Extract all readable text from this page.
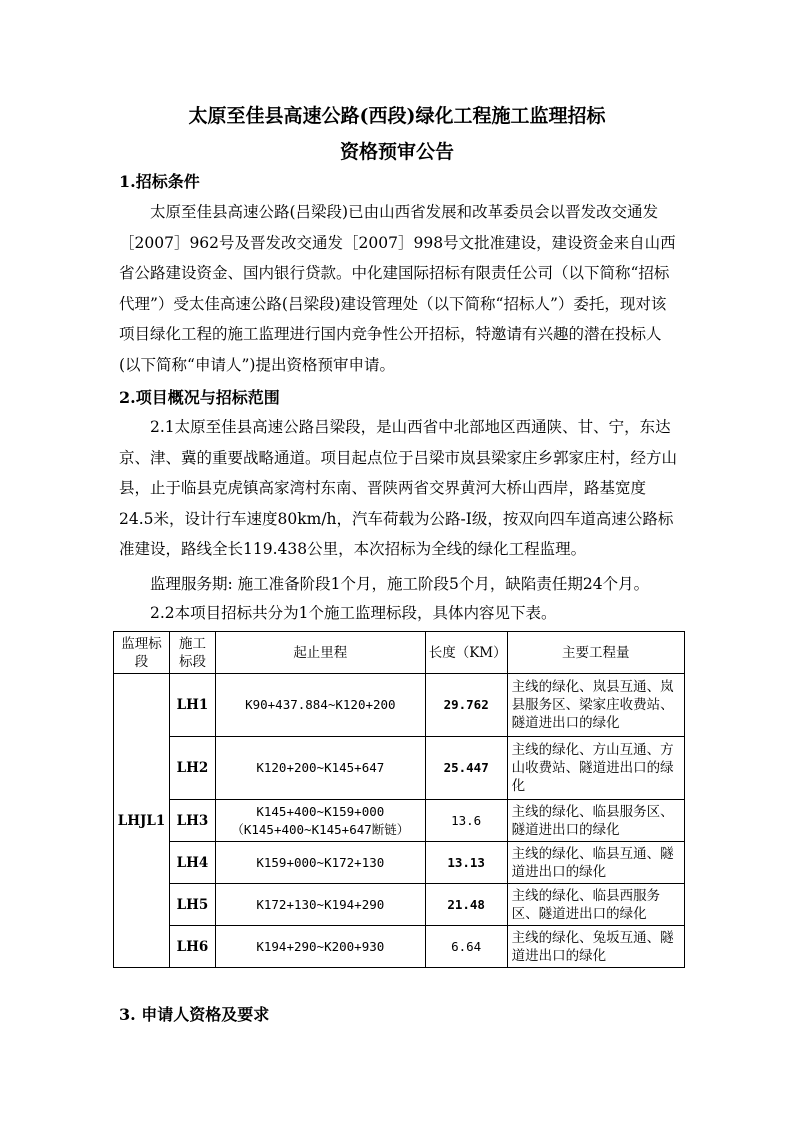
太原至佳县高速公路(西段)绿化工程施工监理招标
资格预审公告
1.招标条件

太原至佳县高速公路(吕梁段)已由山西省发展和改革委员会以晋发改交通发［2007］962号及晋发改交通发［2007］998号文批准建设，建设资金来自山西省公路建设资金、国内银行贷款。中化建国际招标有限责任公司（以下简称“招标代理”）受太佳高速公路(吕梁段)建设管理处（以下简称“招标人”）委托，现对该项目绿化工程的施工监理进行国内竞争性公开招标，特邀请有兴趣的潜在投标人(以下简称“申请人”)提出资格预审申请。

2.项目概况与招标范围

2.1太原至佳县高速公路吕梁段，是山西省中北部地区西通陕、甘、宁，东达京、津、冀的重要战略通道。项目起点位于吕梁市岚县梁家庄乡郭家庄村，经方山县，止于临县克虎镇高家湾村东南、晋陕两省交界黄河大桥山西岸，路基宽度24.5米，设计行车速度80km/h，汽车荷载为公路-Ⅰ级，按双向四车道高速公路标准建设，路线全长119.438公里，本次招标为全线的绿化工程监理。

监理服务期: 施工准备阶段1个月，施工阶段5个月，缺陷责任期24个月。
2.2本项目招标共分为1个施工监理标段，具体内容见下表。
监理标段	施工标段	起止里程	长度（KM）	主要工程量
LHJL1	LH1	K90+437.884~K120+200	29.762	主线的绿化、岚县互通、岚县服务区、梁家庄收费站、隧道进出口的绿化
	LH2	K120+200~K145+647	25.447	主线的绿化、方山互通、方山收费站、隧道进出口的绿化
	LH3	K145+400~K159+000
（K145+400~K145+647断链）	13.6	主线的绿化、临县服务区、隧道进出口的绿化
	LH4	K159+000~K172+130	13.13	主线的绿化、临县互通、隧道进出口的绿化
	LH5	K172+130~K194+290	21.48	主线的绿化、临县西服务区、隧道进出口的绿化
	LH6	K194+290~K200+930	6.64	主线的绿化、兔坂互通、隧道进出口的绿化
3. 申请人资格及要求
